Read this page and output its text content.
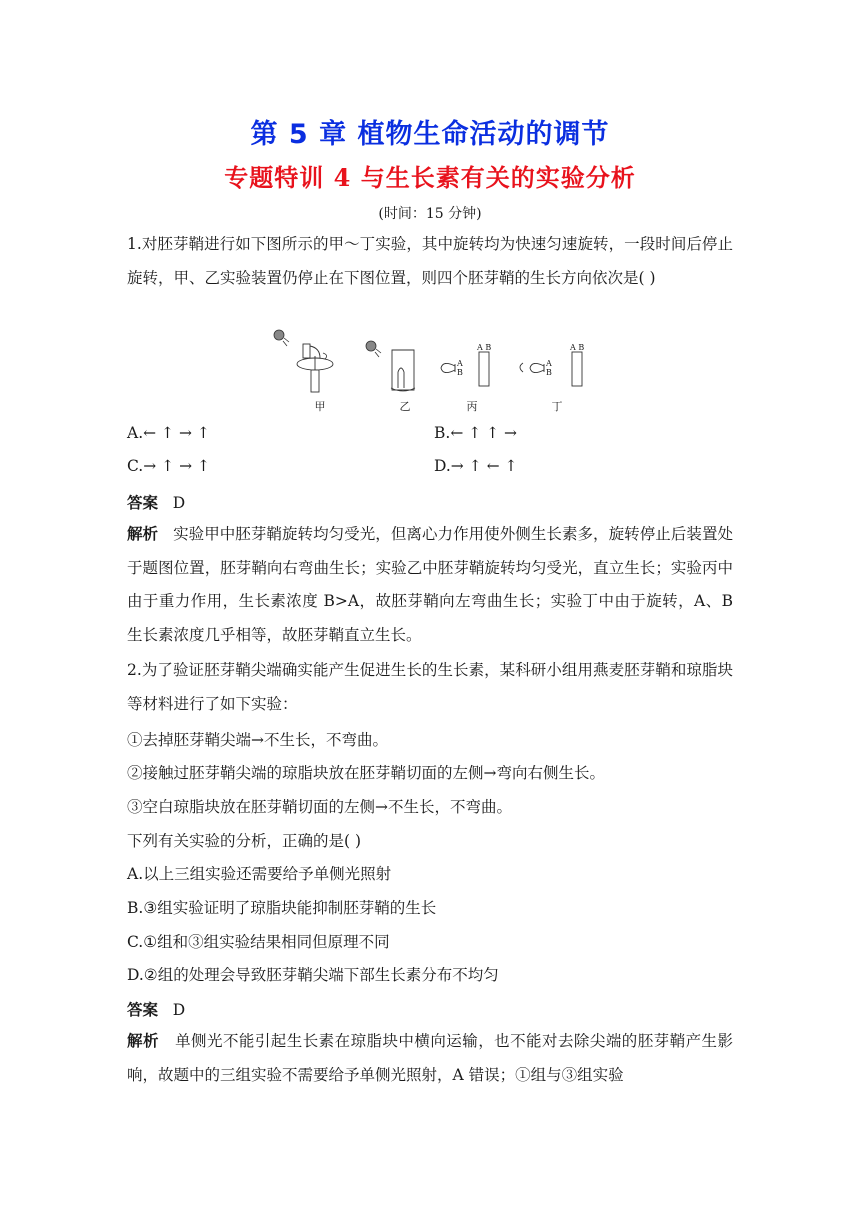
第 5 章 植物生命活动的调节
专题特训 4 与生长素有关的实验分析
(时间：15 分钟)
1.对胚芽鞘进行如下图所示的甲～丁实验，其中旋转均为快速匀速旋转，一段时间后停止旋转，甲、乙实验装置仍停止在下图位置，则四个胚芽鞘的生长方向依次是( )
A
B
A B
A
B
A B
甲	乙	丙	丁
A.← ↑ → ↑	B.← ↑ ↑ →
C.→ ↑ → ↑	D.→ ↑ ← ↑
答案 D
解析 实验甲中胚芽鞘旋转均匀受光，但离心力作用使外侧生长素多，旋转停止后装置处于题图位置，胚芽鞘向右弯曲生长；实验乙中胚芽鞘旋转均匀受光，直立生长；实验丙中由于重力作用，生长素浓度 B>A，故胚芽鞘向左弯曲生长；实验丁中由于旋转，A、B 生长素浓度几乎相等，故胚芽鞘直立生长。
2.为了验证胚芽鞘尖端确实能产生促进生长的生长素，某科研小组用燕麦胚芽鞘和琼脂块等材料进行了如下实验：
①去掉胚芽鞘尖端→不生长，不弯曲。
②接触过胚芽鞘尖端的琼脂块放在胚芽鞘切面的左侧→弯向右侧生长。
③空白琼脂块放在胚芽鞘切面的左侧→不生长，不弯曲。
下列有关实验的分析，正确的是( )
A.以上三组实验还需要给予单侧光照射
B.③组实验证明了琼脂块能抑制胚芽鞘的生长
C.①组和③组实验结果相同但原理不同
D.②组的处理会导致胚芽鞘尖端下部生长素分布不均匀
答案 D
解析 单侧光不能引起生长素在琼脂块中横向运输，也不能对去除尖端的胚芽鞘产生影响，故题中的三组实验不需要给予单侧光照射，A 错误；①组与③组实验
